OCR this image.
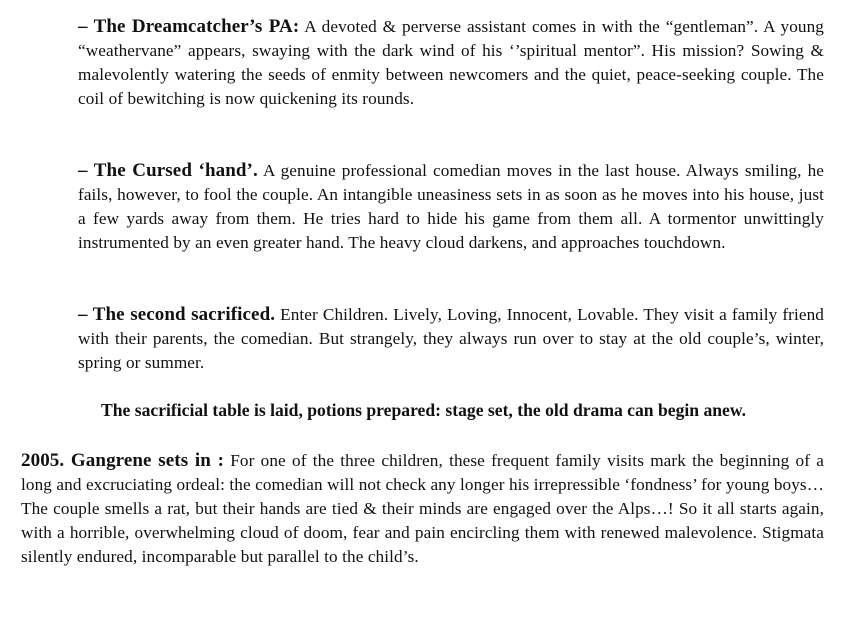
– The Dreamcatcher’s PA: A devoted & perverse assistant comes in with the “gentleman”. A young “weathervane” appears, swaying with the dark wind of his ‘’spiritual mentor”. His mission? Sowing & malevolently watering the seeds of enmity between newcomers and the quiet, peace-seeking couple. The coil of bewitching is now quickening its rounds.

– The Cursed ‘hand’. A genuine professional comedian moves in the last house. Always smiling, he fails, however, to fool the couple. An intangible uneasiness sets in as soon as he moves into his house, just a few yards away from them. He tries hard to hide his game from them all. A tormentor unwittingly instrumented by an even greater hand. The heavy cloud darkens, and approaches touchdown.

– The second sacrificed. Enter Children. Lively, Loving, Innocent, Lovable. They visit a family friend with their parents, the comedian. But strangely, they always run over to stay at the old couple’s, winter, spring or summer.

The sacrificial table is laid, potions prepared: stage set, the old drama can begin anew.

2005. Gangrene sets in : For one of the three children, these frequent family visits mark the beginning of a long and excruciating ordeal: the comedian will not check any longer his irrepressible ‘fondness’ for young boys… The couple smells a rat, but their hands are tied & their minds are engaged over the Alps…! So it all starts again, with a horrible, overwhelming cloud of doom, fear and pain encircling them with renewed malevolence. Stigmata silently endured, incomparable but parallel to the child’s.
